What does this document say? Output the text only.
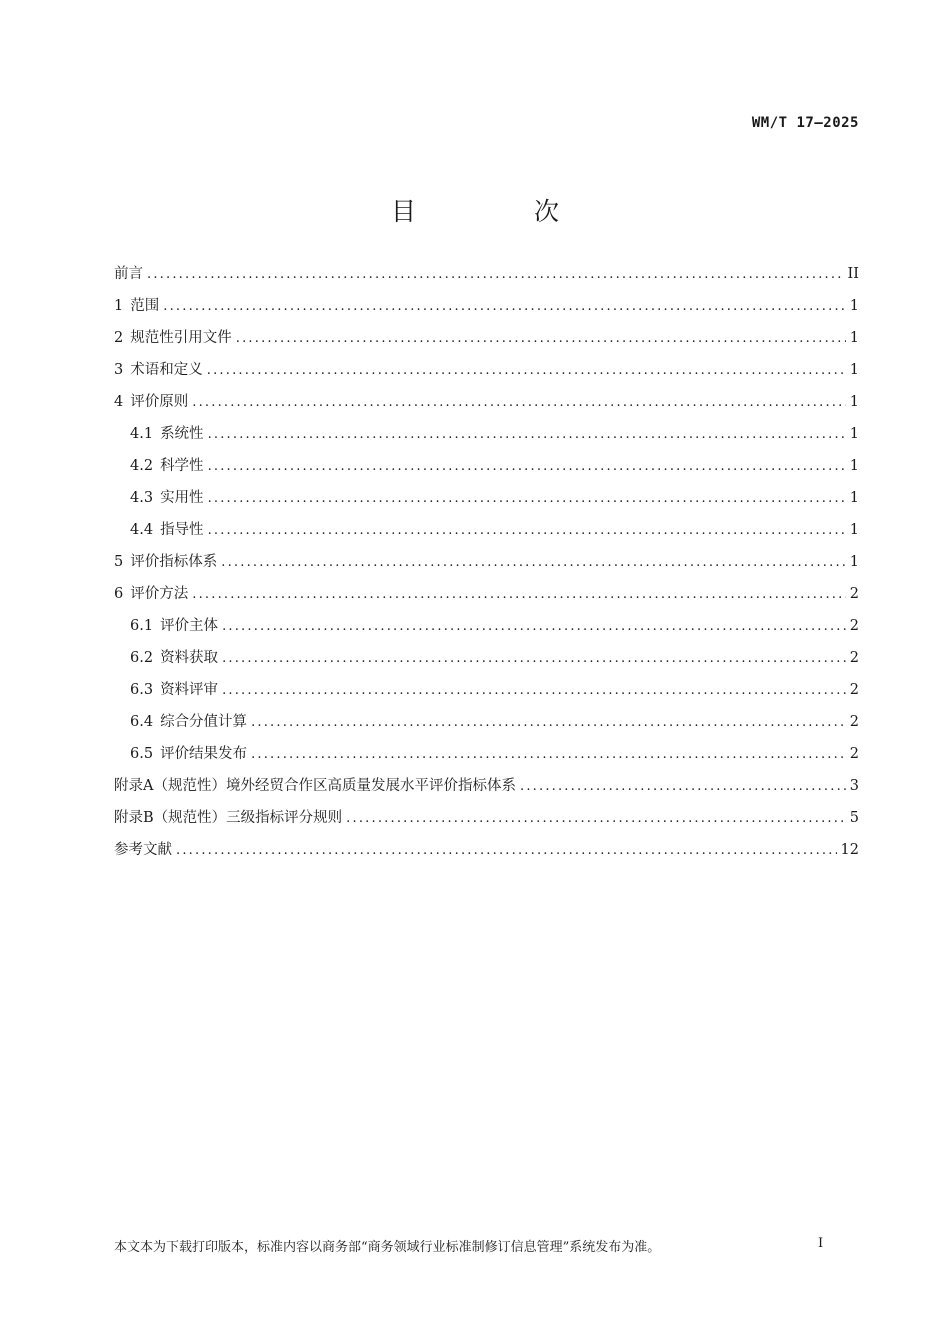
WM/T 17—2025
目 次
前言 .....	II
1 范围 .....	1
2 规范性引用文件 .....	1
3 术语和定义 .....	1
4 评价原则 .....	1
4.1 系统性 .....	1
4.2 科学性 .....	1
4.3 实用性 .....	1
4.4 指导性 .....	1
5 评价指标体系 .....	1
6 评价方法 .....	2
6.1 评价主体 .....	2
6.2 资料获取 .....	2
6.3 资料评审 .....	2
6.4 综合分值计算 .....	2
6.5 评价结果发布 .....	2
附录A（规范性）境外经贸合作区高质量发展水平评价指标体系 .....	3
附录B（规范性）三级指标评分规则 .....	5
参考文献 .....	12
本文本为下载打印版本，标准内容以商务部“商务领域行业标准制修订信息管理”系统发布为准。	I
